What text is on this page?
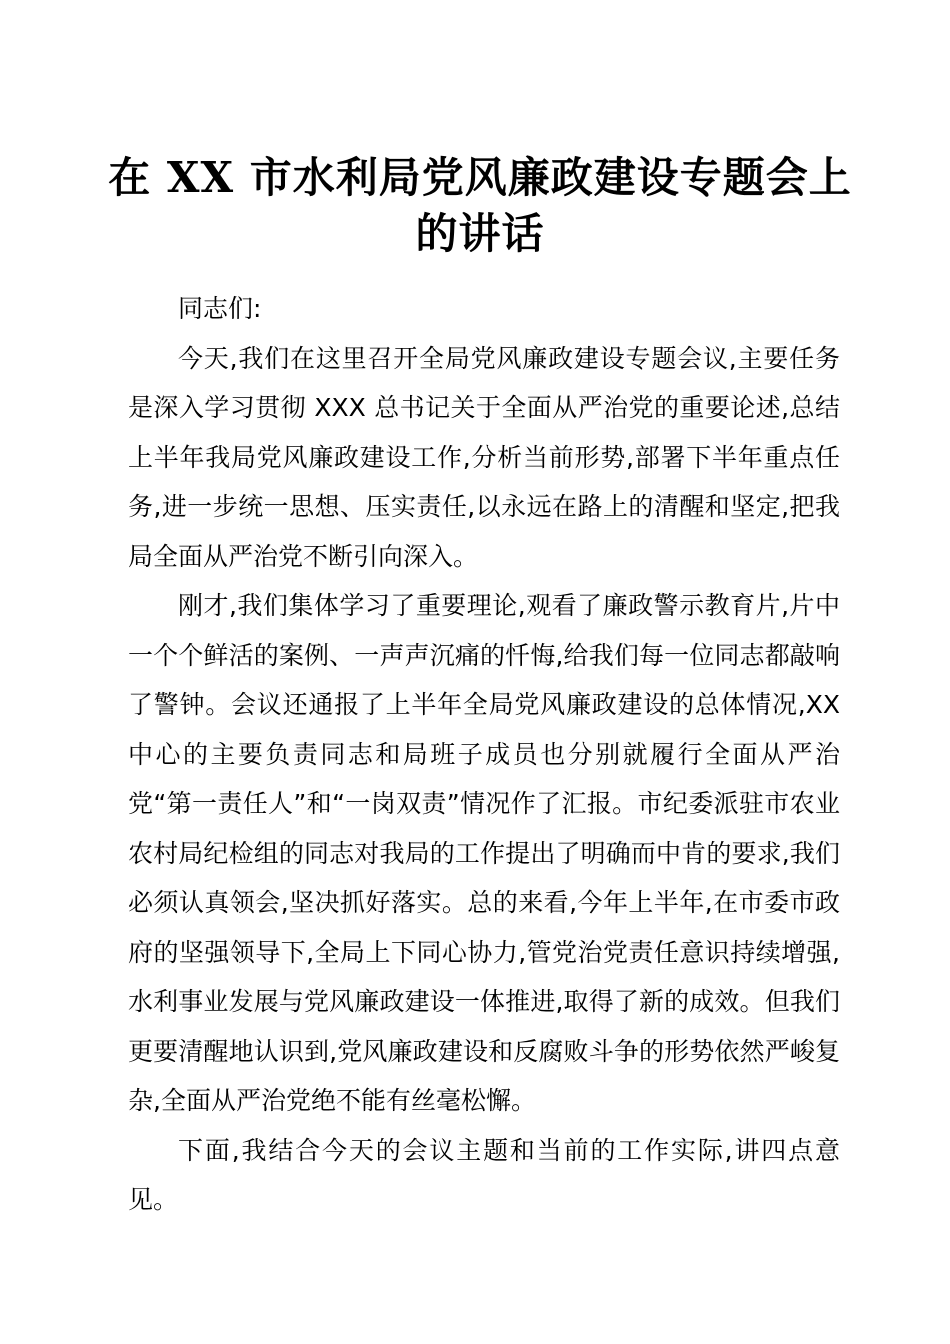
在 XX 市水利局党风廉政建设专题会上
的讲话

同志们:

今天,我们在这里召开全局党风廉政建设专题会议,主要任务是深入学习贯彻 XXX 总书记关于全面从严治党的重要论述,总结上半年我局党风廉政建设工作,分析当前形势,部署下半年重点任务,进一步统一思想、压实责任,以永远在路上的清醒和坚定,把我局全面从严治党不断引向深入。

刚才,我们集体学习了重要理论,观看了廉政警示教育片,片中一个个鲜活的案例、一声声沉痛的忏悔,给我们每一位同志都敲响了警钟。会议还通报了上半年全局党风廉政建设的总体情况,XX 中心的主要负责同志和局班子成员也分别就履行全面从严治党“第一责任人”和“一岗双责”情况作了汇报。市纪委派驻市农业农村局纪检组的同志对我局的工作提出了明确而中肯的要求,我们必须认真领会,坚决抓好落实。总的来看,今年上半年,在市委市政府的坚强领导下,全局上下同心协力,管党治党责任意识持续增强,水利事业发展与党风廉政建设一体推进,取得了新的成效。但我们更要清醒地认识到,党风廉政建设和反腐败斗争的形势依然严峻复杂,全面从严治党绝不能有丝毫松懈。

下面,我结合今天的会议主题和当前的工作实际,讲四点意见。
